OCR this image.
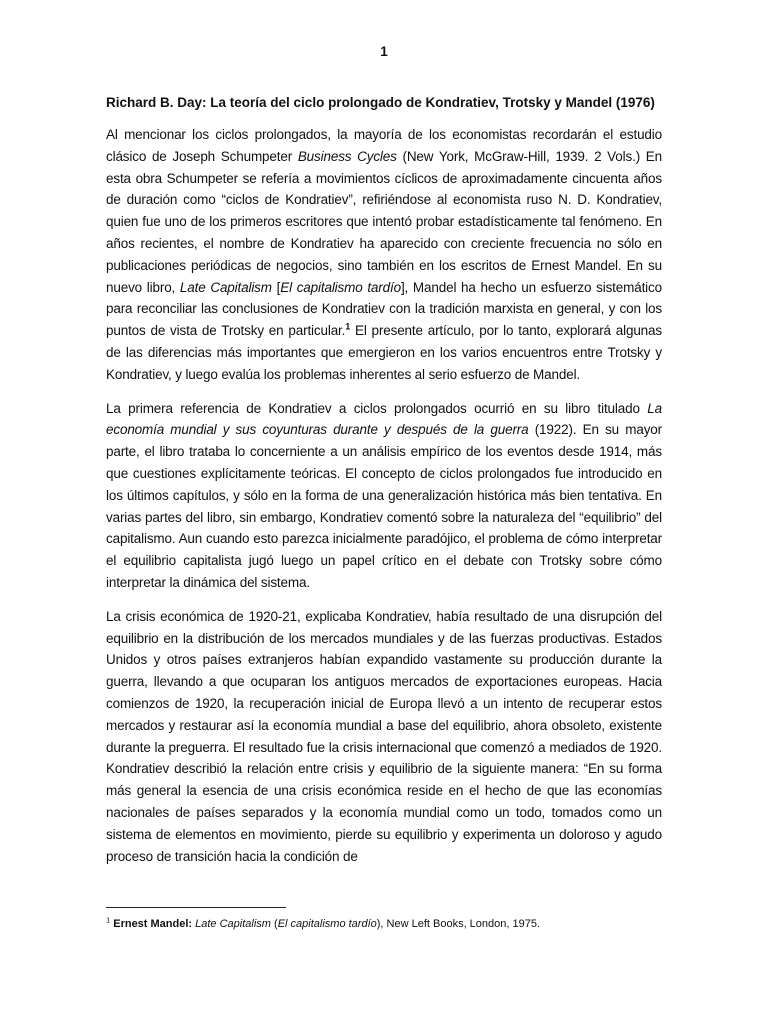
1
Richard B. Day: La teoría del ciclo prolongado de Kondratiev, Trotsky y Mandel (1976)

Al mencionar los ciclos prolongados, la mayoría de los economistas recordarán el estudio clásico de Joseph Schumpeter Business Cycles (New York, McGraw-Hill, 1939. 2 Vols.) En esta obra Schumpeter se refería a movimientos cíclicos de aproximadamente cincuenta años de duración como “ciclos de Kondratiev”, refiriéndose al economista ruso N. D. Kondratiev, quien fue uno de los primeros escritores que intentó probar estadísticamente tal fenómeno. En años recientes, el nombre de Kondratiev ha aparecido con creciente frecuencia no sólo en publicaciones periódicas de negocios, sino también en los escritos de Ernest Mandel. En su nuevo libro, Late Capitalism [El capitalismo tardío], Mandel ha hecho un esfuerzo sistemático para reconciliar las conclusiones de Kondratiev con la tradición marxista en general, y con los puntos de vista de Trotsky en particular.$^1$ El presente artículo, por lo tanto, explorará algunas de las diferencias más importantes que emergieron en los varios encuentros entre Trotsky y Kondratiev, y luego evalúa los problemas inherentes al serio esfuerzo de Mandel.

La primera referencia de Kondratiev a ciclos prolongados ocurrió en su libro titulado La economía mundial y sus coyunturas durante y después de la guerra (1922). En su mayor parte, el libro trataba lo concerniente a un análisis empírico de los eventos desde 1914, más que cuestiones explícitamente teóricas. El concepto de ciclos prolongados fue introducido en los últimos capítulos, y sólo en la forma de una generalización histórica más bien tentativa. En varias partes del libro, sin embargo, Kondratiev comentó sobre la naturaleza del “equilibrio” del capitalismo. Aun cuando esto parezca inicialmente paradójico, el problema de cómo interpretar el equilibrio capitalista jugó luego un papel crítico en el debate con Trotsky sobre cómo interpretar la dinámica del sistema.

La crisis económica de 1920-21, explicaba Kondratiev, había resultado de una disrupción del equilibrio en la distribución de los mercados mundiales y de las fuerzas productivas. Estados Unidos y otros países extranjeros habían expandido vastamente su producción durante la guerra, llevando a que ocuparan los antiguos mercados de exportaciones europeas. Hacia comienzos de 1920, la recuperación inicial de Europa llevó a un intento de recuperar estos mercados y restaurar así la economía mundial a base del equilibrio, ahora obsoleto, existente durante la preguerra. El resultado fue la crisis internacional que comenzó a mediados de 1920. Kondratiev describió la relación entre crisis y equilibrio de la siguiente manera: “En su forma más general la esencia de una crisis económica reside en el hecho de que las economías nacionales de países separados y la economía mundial como un todo, tomados como un sistema de elementos en movimiento, pierde su equilibrio y experimenta un doloroso y agudo proceso de transición hacia la condición de

$^1$ Ernest Mandel: Late Capitalism (El capitalismo tardío), New Left Books, London, 1975.
